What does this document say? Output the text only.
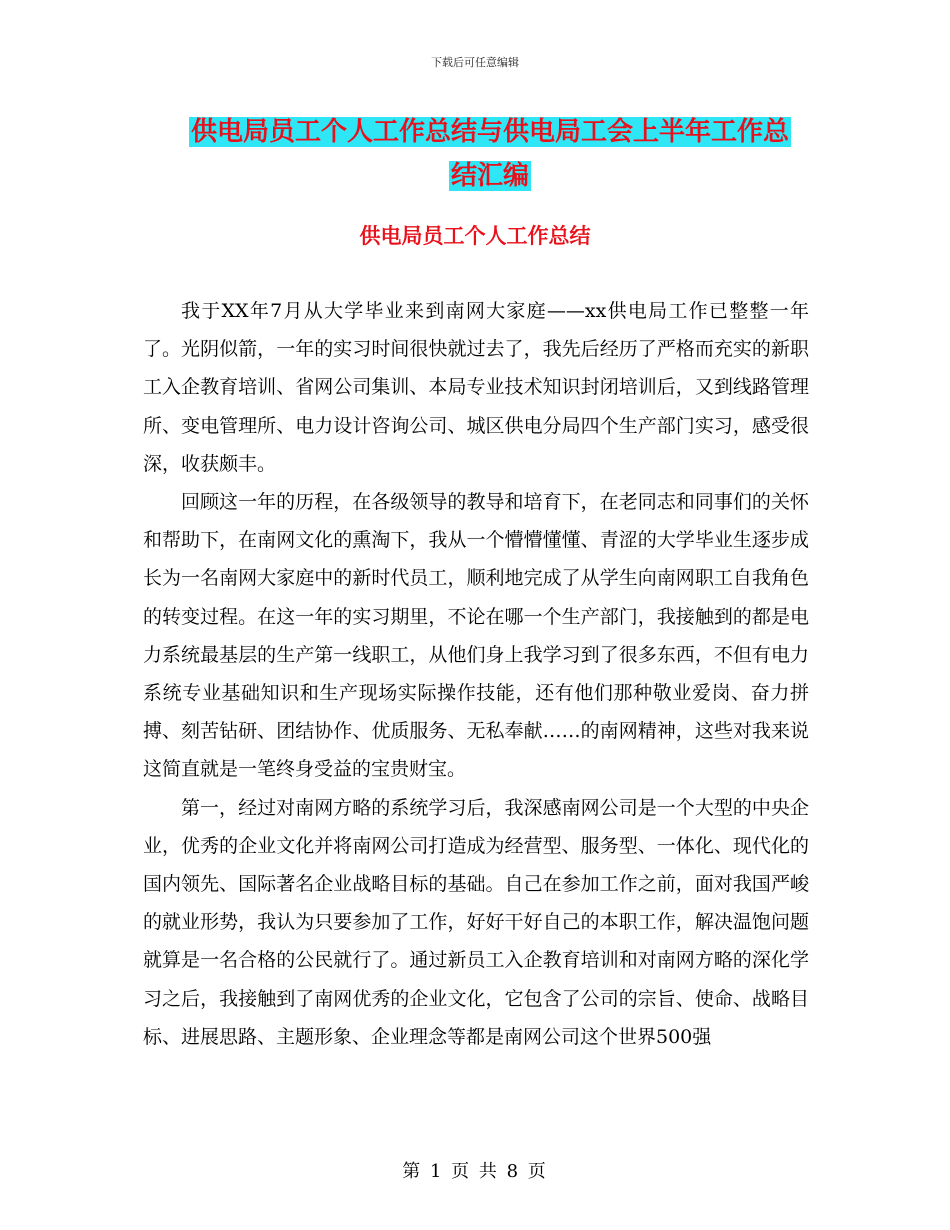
下载后可任意编辑
供电局员工个人工作总结与供电局工会上半年工作总
结汇编
供电局员工个人工作总结

我于XX年7月从大学毕业来到南网大家庭——xx供电局工作已整整一年了。光阴似箭，一年的实习时间很快就过去了，我先后经历了严格而充实的新职工入企教育培训、省网公司集训、本局专业技术知识封闭培训后，又到线路管理所、变电管理所、电力设计咨询公司、城区供电分局四个生产部门实习，感受很深，收获颇丰。

回顾这一年的历程，在各级领导的教导和培育下，在老同志和同事们的关怀和帮助下，在南网文化的熏淘下，我从一个懵懵懂懂、青涩的大学毕业生逐步成长为一名南网大家庭中的新时代员工，顺利地完成了从学生向南网职工自我角色的转变过程。在这一年的实习期里，不论在哪一个生产部门，我接触到的都是电力系统最基层的生产第一线职工，从他们身上我学习到了很多东西，不但有电力系统专业基础知识和生产现场实际操作技能，还有他们那种敬业爱岗、奋力拼搏、刻苦钻研、团结协作、优质服务、无私奉献……的南网精神，这些对我来说这简直就是一笔终身受益的宝贵财宝。

第一，经过对南网方略的系统学习后，我深感南网公司是一个大型的中央企业，优秀的企业文化并将南网公司打造成为经营型、服务型、一体化、现代化的国内领先、国际著名企业战略目标的基础。自己在参加工作之前，面对我国严峻的就业形势，我认为只要参加了工作，好好干好自己的本职工作，解决温饱问题就算是一名合格的公民就行了。通过新员工入企教育培训和对南网方略的深化学习之后，我接触到了南网优秀的企业文化，它包含了公司的宗旨、使命、战略目标、进展思路、主题形象、企业理念等都是南网公司这个世界500强

第 1 页 共 8 页
